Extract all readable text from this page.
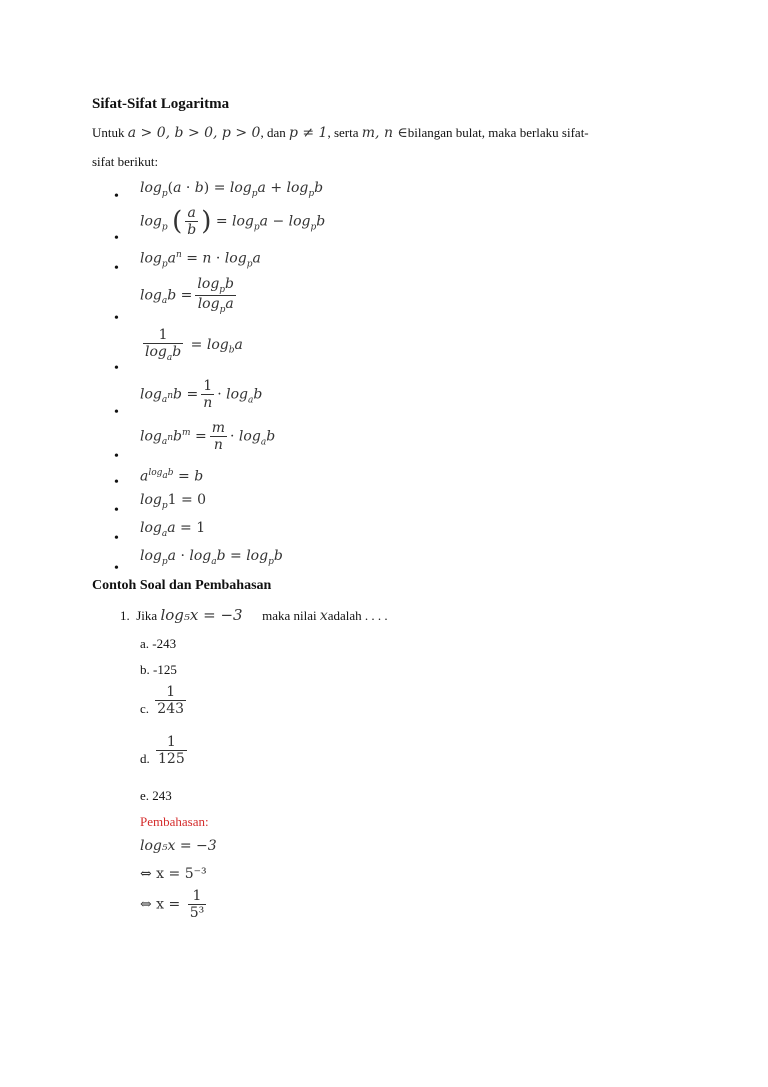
Sifat-Sifat Logaritma
Untuk a > 0, b > 0, p > 0, dan p ≠ 1, serta m, n ∈bilangan bulat, maka berlaku sifat-
sifat berikut:
•
$\log_p(a \cdot b) = \log_pa + \log_pb$
•
$\log_p$ ( $\frac{a}{b}$ ) = $\log_pa - \log_pb$
•
$\log_pa^n = n \cdot \log_pa$
•
$\log_ab = \frac{\log_pb}{\log_pa}$
•
$\frac{1}{\log_ab} = \log_ba$
•
$\log_{a^n}b = \frac{1}{n} \cdot \log_ab$
•
$\log_{a^n}b^m = \frac{m}{n} \cdot \log_ab$
• $a^{log_ab} = b$
•
$\log_p1 = 0$
•
$\log_aa = 1$
•
$\log_pa \cdot \log_ab = \log_pb$
Contoh Soal dan Pembahasan
1. Jika log₅x = −3 maka nilai xadalah . . . .
a. -243
b. -125
c. $\frac{1}{243}$
d. $\frac{1}{125}$
e. 243
Pembahasan:
log₅x = −3
⇔ x = 5⁻³
⇔ $x = \frac{1}{\text{5³}}$
